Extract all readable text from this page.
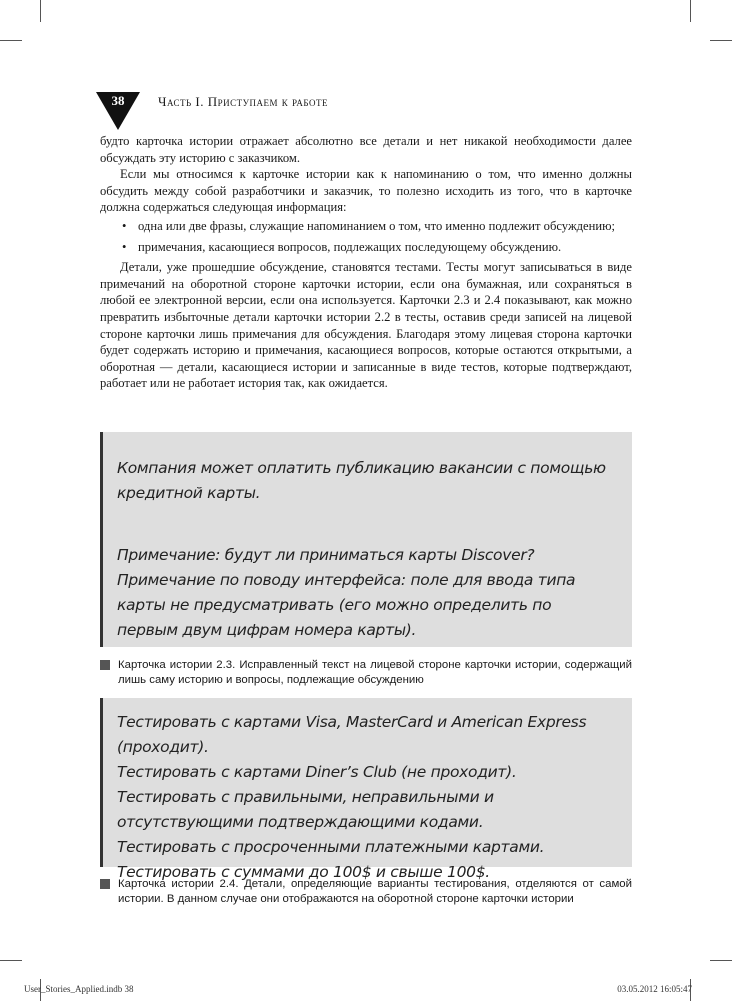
38	Часть I. Приступаем к работе

будто карточка истории отражает абсолютно все детали и нет никакой необходимости далее обсуждать эту историю с заказчиком.

Если мы относимся к карточке истории как к напоминанию о том, что именно должны обсудить между собой разработчики и заказчик, то полезно исходить из того, что в карточке должна содержаться следующая информация:

• одна или две фразы, служащие напоминанием о том, что именно подлежит обсуждению;
• примечания, касающиеся вопросов, подлежащих последующему обсуждению.

Детали, уже прошедшие обсуждение, становятся тестами. Тесты могут записываться в виде примечаний на оборотной стороне карточки истории, если она бумажная, или сохраняться в любой ее электронной версии, если она используется. Карточки 2.3 и 2.4 показывают, как можно превратить избыточные детали карточки истории 2.2 в тесты, оставив среди записей на лицевой стороне карточки лишь примечания для обсуждения. Благодаря этому лицевая сторона карточки будет содержать историю и примечания, касающиеся вопросов, которые остаются открытыми, а оборотная — детали, касающиеся истории и записанные в виде тестов, которые подтверждают, работает или не работает история так, как ожидается.

Компания может оплатить публикацию вакансии с помощью кредитной карты.
Примечание: будут ли приниматься карты Discover?
Примечание по поводу интерфейса: поле для ввода типа карты не предусматривать (его можно определить по первым двум цифрам номера карты).
Карточка истории 2.3. Исправленный текст на лицевой стороне карточки истории, содержащий лишь саму историю и вопросы, подлежащие обсуждению
Тестировать с картами Visa, MasterCard и American Express (проходит).
Тестировать с картами Diner’s Club (не проходит).
Тестировать с правильными, неправильными и отсутствующими подтверждающими кодами.
Тестировать с просроченными платежными картами.
Тестировать с суммами до 100$ и свыше 100$.
Карточка истории 2.4. Детали, определяющие варианты тестирования, отделяются от самой истории. В данном случае они отображаются на оборотной стороне карточки истории
User_Stories_Applied.indb 38	03.05.2012 16:05:47
